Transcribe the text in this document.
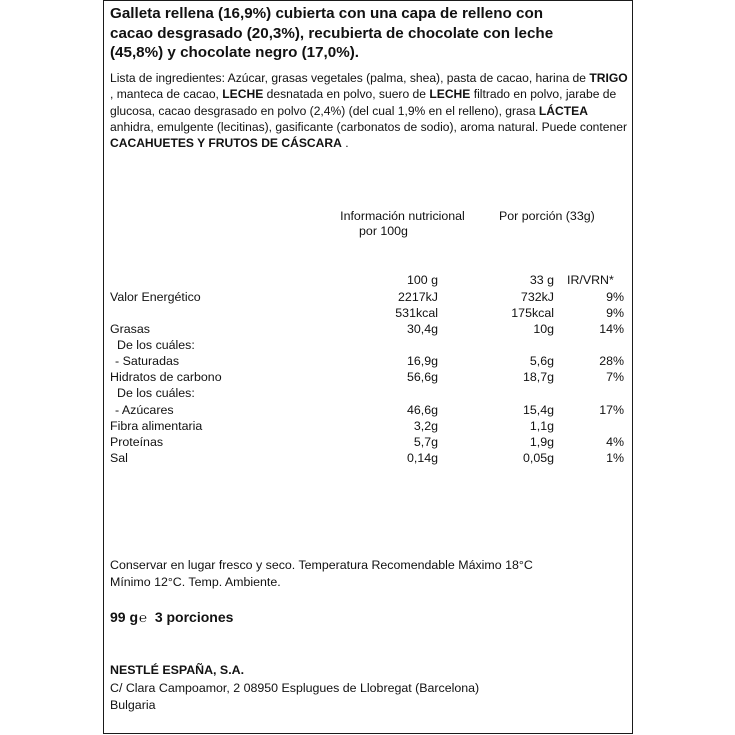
Galleta rellena (16,9%) cubierta con una capa de relleno con
cacao desgrasado (20,3%), recubierta de chocolate con leche
(45,8%) y chocolate negro (17,0%).
Lista de ingredientes: Azúcar, grasas vegetales (palma, shea), pasta de cacao, harina de TRIGO , manteca de cacao, LECHE desnatada en polvo, suero de LECHE filtrado en polvo, jarabe de glucosa, cacao desgrasado en polvo (2,4%) (del cual 1,9% en el relleno), grasa LÁCTEA anhidra, emulgente (lecitinas), gasificante (carbonatos de sodio), aroma natural. Puede contener CACAHUETES Y FRUTOS DE CÁSCARA .
Información nutricional
por 100g
Por porción (33g)
100 g	33 g IR/VRN*
Valor Energético	2217kJ	732kJ	9%
531kcal	175kcal	9%
Grasas	30,4g	10g	14%
De los cuáles:
- Saturadas	16,9g	5,6g	28%
Hidratos de carbono	56,6g	18,7g	7%
De los cuáles:
- Azúcares	46,6g	15,4g	17%
Fibra alimentaria	3,2g	1,1g
Proteínas	5,7g	1,9g	4%
Sal	0,14g	0,05g	1%
Conservar en lugar fresco y seco. Temperatura Recomendable Máximo 18°C
Mínimo 12°C. Temp. Ambiente.
99 g℮ 3 porciones
NESTLÉ ESPAÑA, S.A.
C/ Clara Campoamor, 2 08950 Esplugues de Llobregat (Barcelona)
Bulgaria
